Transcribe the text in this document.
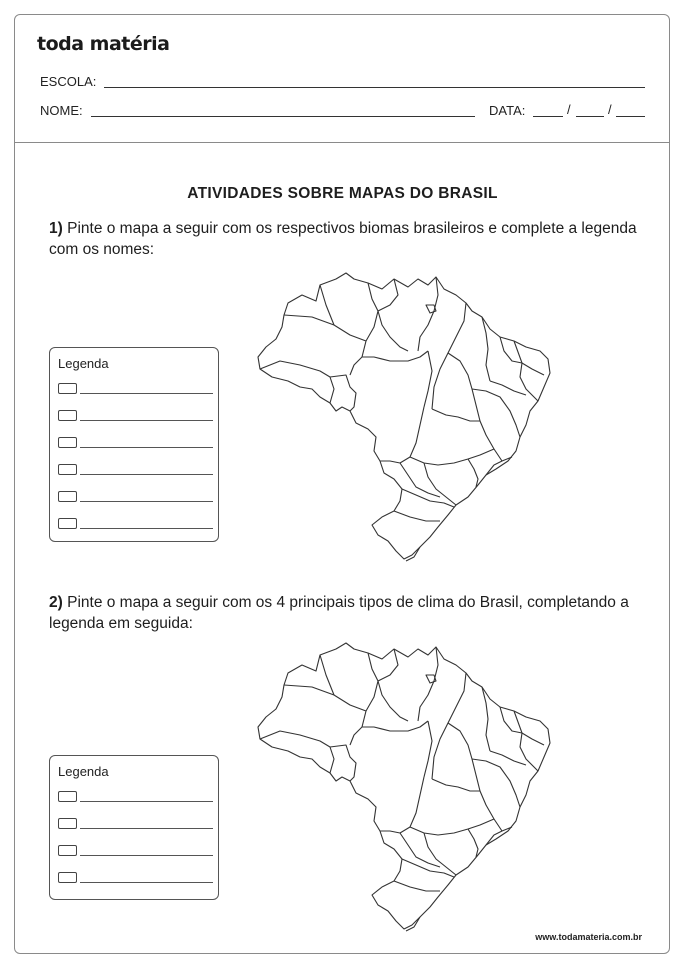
toda matéria
ESCOLA:
NOME:	DATA:	/	/
ATIVIDADES SOBRE MAPAS DO BRASIL
1) Pinte o mapa a seguir com os respectivos biomas brasileiros e complete a legenda com os nomes:
Legenda
2) Pinte o mapa a seguir com os 4 principais tipos de clima do Brasil, completando a legenda em seguida:
Legenda
www.todamateria.com.br
